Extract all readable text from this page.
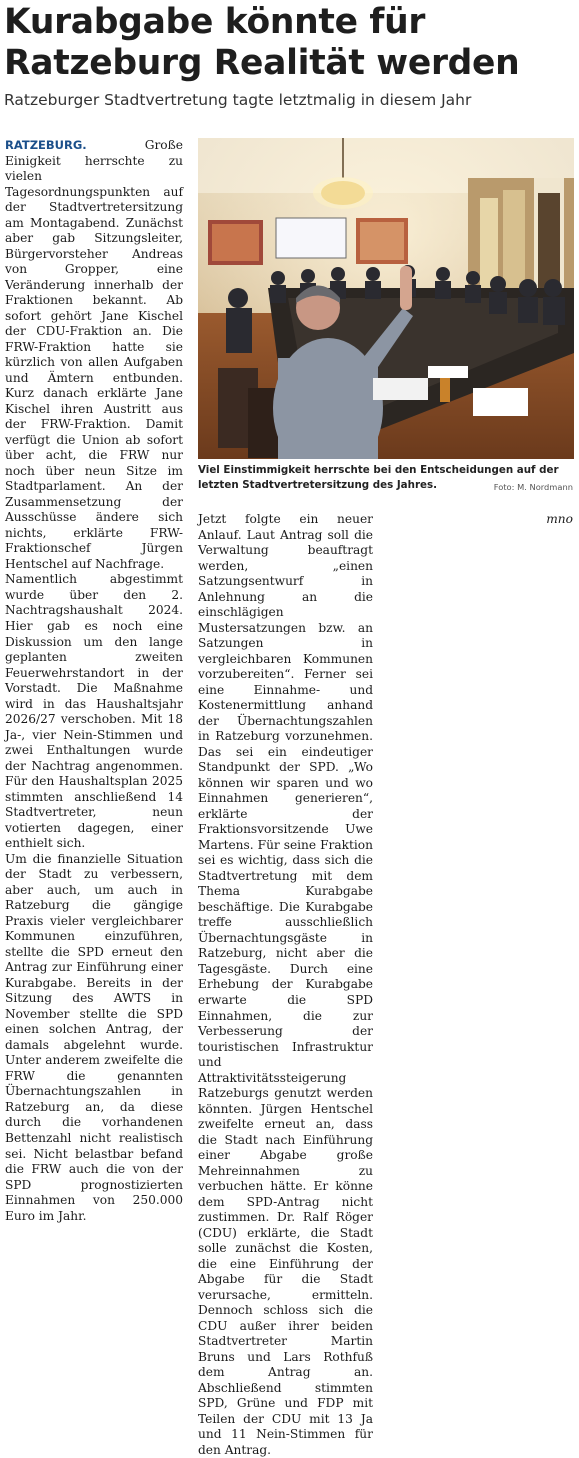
Kurabgabe könnte für Ratzeburg Realität werden
Ratzeburger Stadtvertretung tagte letztmalig in diesem Jahr

RATZEBURG.	Große Einigkeit herrschte zu vielen Tagesordnungspunkten auf der Stadtvertretersitzung am Montagabend. Zunächst aber gab Sitzungsleiter, Bürgervorsteher Andreas von Gropper, eine Veränderung innerhalb der Fraktionen bekannt. Ab sofort gehört Jane Kischel der CDU-Fraktion an. Die FRW-Fraktion hatte sie kürzlich von allen Aufgaben und Ämtern entbunden. Kurz danach erklärte Jane Kischel ihren Austritt aus der FRW-Fraktion. Damit verfügt die Union ab sofort über acht, die FRW nur noch über neun Sitze im Stadtparlament. An der Zusammensetzung der Ausschüsse ändere sich nichts, erklärte FRW-Fraktionschef Jürgen Hentschel auf Nachfrage.

Namentlich abgestimmt wurde über den 2. Nachtragshaushalt 2024. Hier gab es noch eine Diskussion um den lange geplanten zweiten Feuerwehrstandort in der Vorstadt. Die Maßnahme wird in das Haushaltsjahr 2026/27 verschoben. Mit 18 Ja-, vier Nein-Stimmen und zwei Enthaltungen wurde der Nachtrag angenommen. Für den Haushaltsplan 2025 stimmten anschließend 14 Stadtvertreter, neun votierten dagegen, einer enthielt sich.

Um die finanzielle Situation der Stadt zu verbessern, aber auch, um auch in Ratzeburg die gängige Praxis vieler vergleichbarer Kommunen einzuführen, stellte die SPD erneut den Antrag zur Einführung einer Kurabgabe. Bereits in der Sitzung des AWTS in November stellte die SPD einen solchen Antrag, der damals abgelehnt wurde. Unter anderem zweifelte die FRW die genannten Übernachtungszahlen in Ratzeburg an, da diese durch die vorhandenen Bettenzahl nicht realistisch sei. Nicht belastbar befand die FRW auch die von der SPD prognostizierten Einnahmen von 250.000 Euro im Jahr.

Viel Einstimmigkeit herrschte bei den Entscheidungen auf der letzten Stadtvertretersitzung des Jahres.	Foto: M. Nordmann

Jetzt folgte ein neuer Anlauf. Laut Antrag soll die Verwaltung beauftragt werden, „einen Satzungsentwurf in Anlehnung an die einschlägigen Mustersatzungen bzw. an Satzungen in vergleichbaren Kommunen vorzubereiten“. Ferner sei eine Einnahme- und Kostenermittlung anhand der Übernachtungszahlen in Ratzeburg vorzunehmen. Das sei ein eindeutiger Standpunkt der SPD. „Wo können wir sparen und wo Einnahmen generieren“, erklärte der Fraktionsvorsitzende Uwe Martens. Für seine Fraktion sei es wichtig, dass sich die Stadtvertretung mit dem Thema Kurabgabe beschäftige. Die Kurabgabe treffe ausschließlich Übernachtungsgäste in Ratzeburg, nicht aber die Tagesgäste. Durch eine Erhebung der Kurabgabe erwarte die SPD Einnahmen, die zur Verbesserung der touristischen Infrastruktur und Attraktivitätssteigerung Ratzeburgs genutzt werden könnten. Jürgen Hentschel zweifelte erneut an, dass die Stadt nach Einführung einer Abgabe große Mehreinnahmen zu verbuchen hätte. Er könne dem SPD-Antrag nicht zustimmen. Dr. Ralf Röger (CDU) erklärte, die Stadt solle zunächst die Kosten, die eine Einführung der Abgabe für die Stadt verursache, ermitteln. Dennoch schloss sich die CDU außer ihrer beiden Stadtvertreter Martin Bruns und Lars Rothfuß dem Antrag an. Abschließend stimmten SPD, Grüne und FDP mit Teilen der CDU mit 13 Ja und 11 Nein-Stimmen für den Antrag.

mno
